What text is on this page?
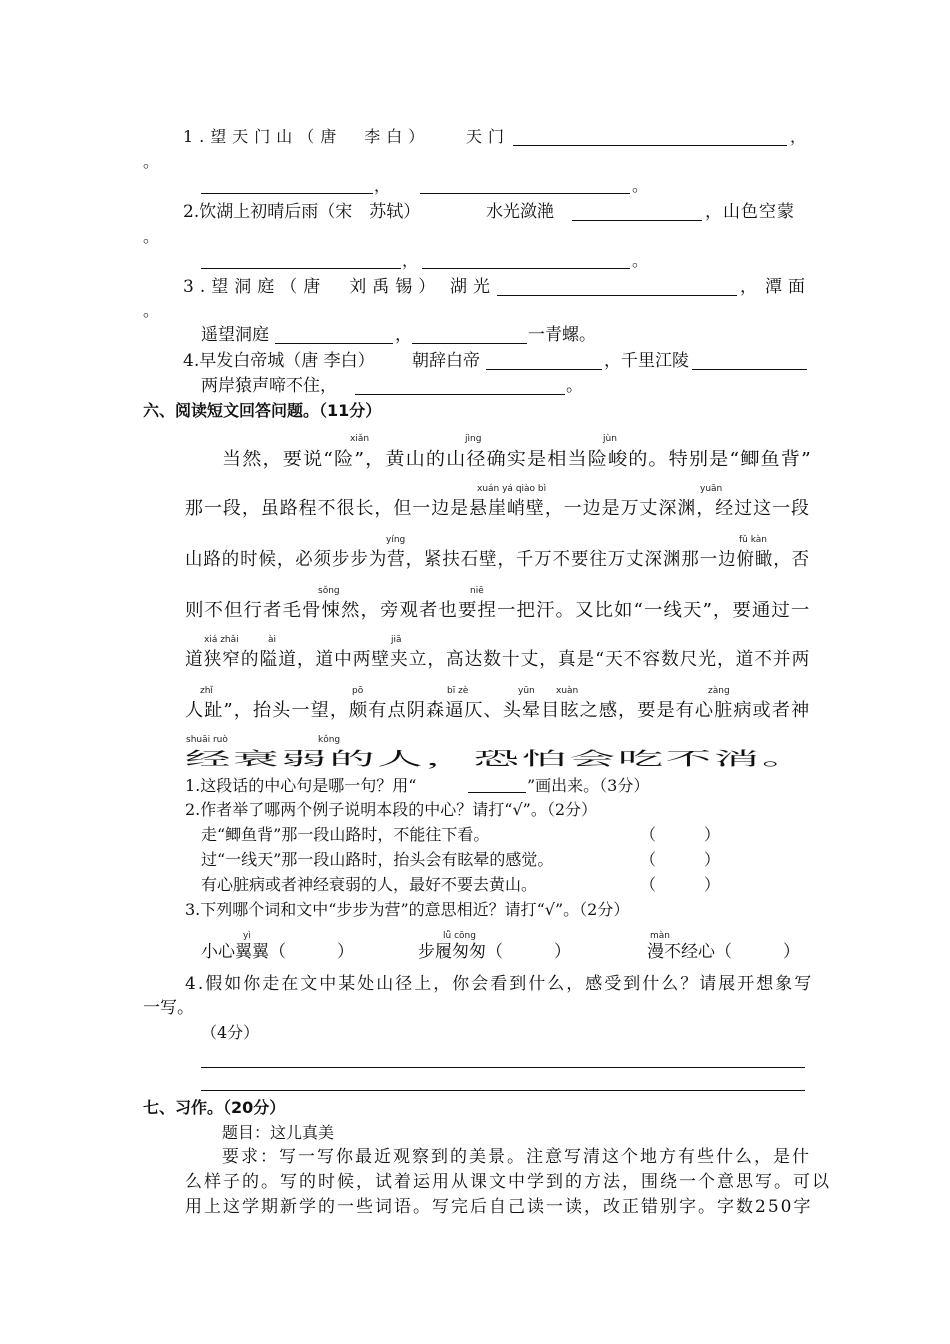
1.望天门山（唐　李白） 天门	，
。
，	。
2.饮湖上初晴后雨（宋　苏轼）	水光潋滟	，山色空蒙
。
，	。
3.望洞庭（唐　刘禹锡） 湖光	， 潭面
。
遥望洞庭	，	一青螺。
4.早发白帝城（唐 李白） 朝辞白帝	，千里江陵
两岸猿声啼不住，	。
六、阅读短文回答问题。（11分）
xiǎn	jìng	jùn
当然，要说“险”，黄山的山径确实是相当险峻的。特别是“鲫鱼背”
xuán yá qiào bì	yuān
那一段，虽路程不很长，但一边是悬崖峭壁，一边是万丈深渊，经过这一段
yíng	fǔ kàn
山路的时候，必须步步为营，紧扶石壁，千万不要往万丈深渊那一边俯瞰，否
sǒng	niē
则不但行者毛骨悚然，旁观者也要捏一把汗。又比如“一线天”，要通过一
xiá zhǎi	ài	jiā
道狭窄的隘道，道中两壁夹立，高达数十丈，真是“天不容数尺光，道不并两
zhǐ	pō	bī zè	yūn xuàn	zàng
人趾”，抬头一望，颇有点阴森逼仄、头晕目眩之感，要是有心脏病或者神
shuāi ruò	kǒng
经衰弱的人，恐怕会吃不消。
1.这段话的中心句是哪一句？用“	”画出来。（3分）
2.作者举了哪两个例子说明本段的中心？请打“√”。（2分）
走“鲫鱼背”那一段山路时，不能往下看。	（　　　）
过“一线天”那一段山路时，抬头会有眩晕的感觉。	（　　　）
有心脏病或者神经衰弱的人，最好不要去黄山。	（　　　）
3.下列哪个词和文中“步步为营”的意思相近？请打“√”。（2分）
yì	lǚ cōng	màn
小心翼翼（　　　）	步履匆匆（　　　）	漫不经心（　　　）
4.假如你走在文中某处山径上，你会看到什么，感受到什么？请展开想象写
一写。
（4分）
七、习作。（20分）
题目：这儿真美
要求：写一写你最近观察到的美景。注意写清这个地方有些什么，是什
么样子的。写的时候，试着运用从课文中学到的方法，围绕一个意思写。可以
用上这学期新学的一些词语。写完后自己读一读，改正错别字。字数250字
